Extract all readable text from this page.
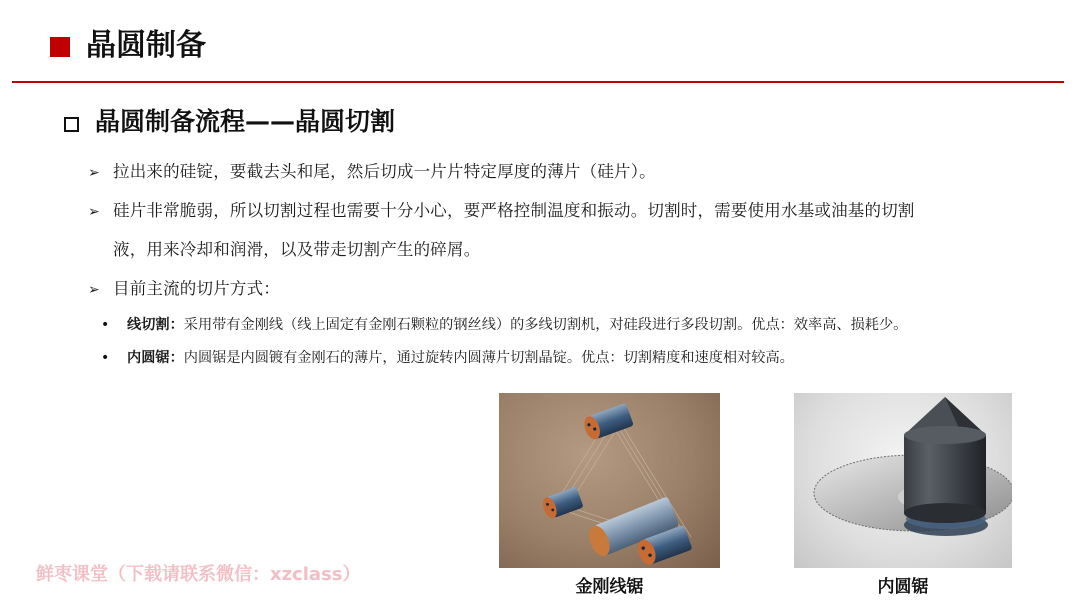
晶圆制备
晶圆制备流程——晶圆切割
➢ 拉出来的硅锭，要截去头和尾，然后切成一片片特定厚度的薄片（硅片）。
➢ 硅片非常脆弱，所以切割过程也需要十分小心，要严格控制温度和振动。切割时，需要使用水基或油基的切割
液，用来冷却和润滑，以及带走切割产生的碎屑。
➢ 目前主流的切片方式：
• 线切割：采用带有金刚线（线上固定有金刚石颗粒的钢丝线）的多线切割机，对硅段进行多段切割。优点：效率高、损耗少。
• 内圆锯：内圆锯是内圆镀有金刚石的薄片，通过旋转内圆薄片切割晶锭。优点：切割精度和速度相对较高。
金刚线锯	内圆锯
鲜枣课堂（下载请联系微信：xzclass）
